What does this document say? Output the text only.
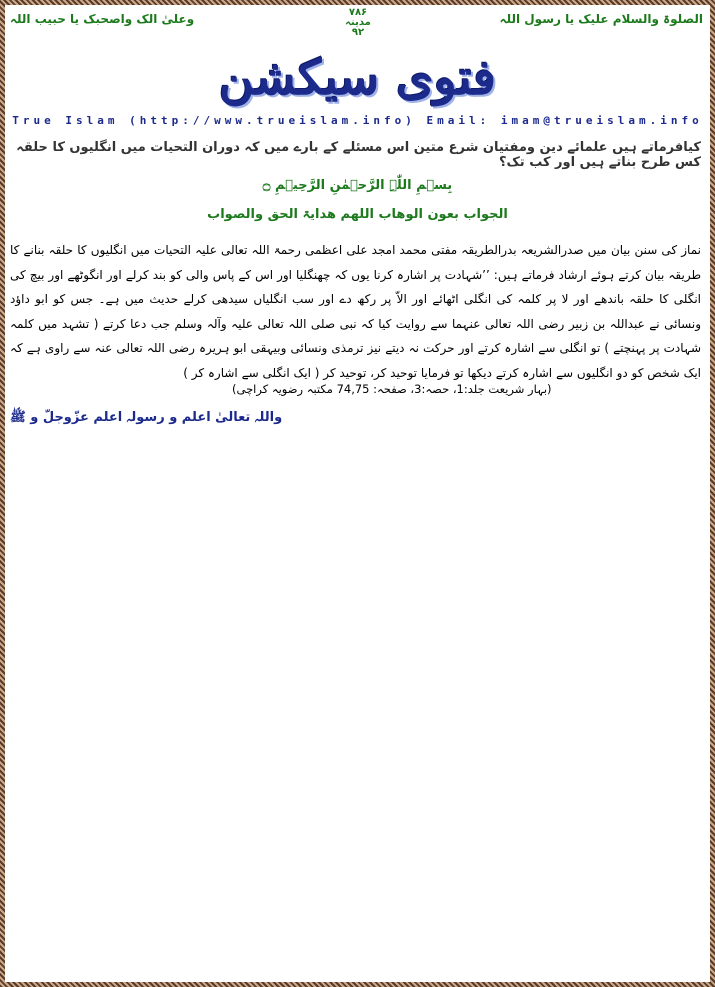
الصلوۃ والسلام علیک یا رسول اللہ
۷۸۶
مدینہ
۹۲
وعلیٰ الک واصحبک یا حبیب اللہ
فتوی سیکشن
True Islam (http://www.trueislam.info) Email: imam@trueislam.info
کیافرماتے ہیں علمائے دین ومفتیان شرع متین اس مسئلے کے بارے میں کہ دوران التحیات میں انگلیوں کا حلقہ کس طرح بناتے ہیں اور کب تک؟
بِسۡمِ اللّٰہِ الرَّحۡمٰنِ الرَّحِیۡمِ ۝
الجواب بعون الوھاب اللھم ھدایۃ الحق والصواب
نماز کی سنن بیان میں صدرالشریعہ بدرالطریقہ مفتی محمد امجد علی اعظمی رحمۃ اللہ تعالی علیہ التحیات میں انگلیوں کا حلقہ بنانے کا طریقہ بیان کرتے ہوئے ارشاد فرماتے ہیں: ’’شہادت پر اشارہ کرنا یوں کہ چھنگلیا اور اس کے پاس والی کو بند کرلے اور انگوٹھے اور بیچ کی انگلی کا حلقہ باندھے اور لا پر کلمہ کی انگلی اٹھائے اور الاّ پر رکھ دے اور سب انگلیاں سیدھی کرلے حدیث میں ہے۔ جس کو ابو داؤد ونسائی نے عبداللہ بن زبیر رضی اللہ تعالی عنہما سے روایت کیا کہ نبی صلی اللہ تعالی علیہ وآلہ وسلم جب دعا کرتے ( تشہد میں کلمہ شہادت پر پہنچتے ) تو انگلی سے اشارہ کرتے اور حرکت نہ دیتے نیز ترمذی ونسائی وبیہقی ابو ہریرہ رضی اللہ تعالی عنہ سے راوی ہے کہ ایک شخص کو دو انگلیوں سے اشارہ کرتے دیکھا تو فرمایا توحید کر، توحید کر ( ایک انگلی سے اشارہ کر )
(بہار شریعت جلد:1، حصہ:3، صفحہ: 74,75 مکتبہ رضویہ کراچی)
واللہ تعالیٰ اعلم و رسولہ اعلم عزّوجلّ و ﷺ
